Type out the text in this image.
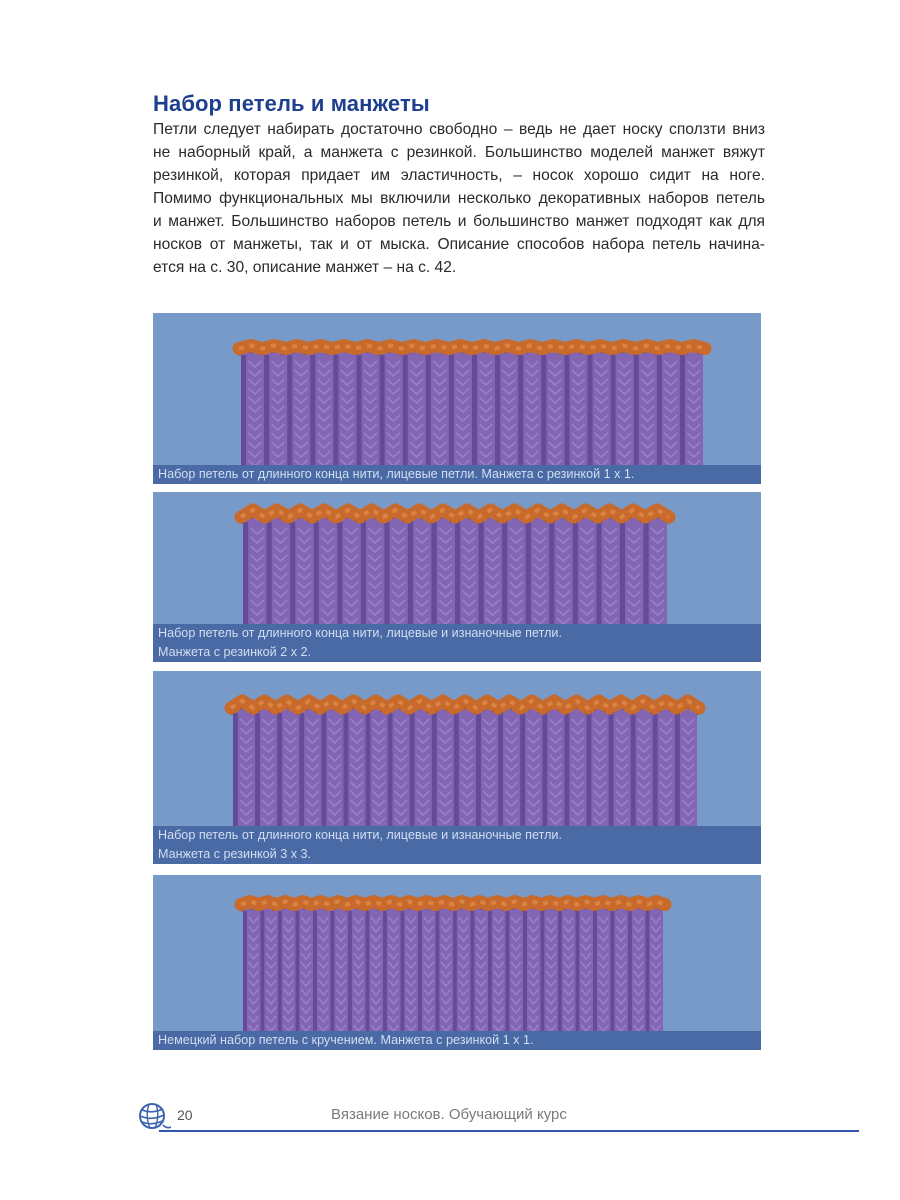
Набор петель и манжеты

Петли следует набирать достаточно свободно – ведь не дает носку сползти вниз
не наборный край, а манжета с резинкой. Большинство моделей манжет вяжут
резинкой, которая придает им эластичность, – носок хорошо сидит на ноге.
Помимо функциональных мы включили несколько декоративных наборов петель
и манжет. Большинство наборов петель и большинство манжет подходят как для
носков от манжеты, так и от мыска. Описание способов набора петель начина-
ется на с. 30, описание манжет – на с. 42.

Набор петель от длинного конца нити, лицевые петли. Манжета с резинкой 1 х 1.
Набор петель от длинного конца нити, лицевые и изнаночные петли.
Манжета с резинкой 2 х 2.
Набор петель от длинного конца нити, лицевые и изнаночные петли.
Манжета с резинкой 3 х 3.
Немецкий набор петель с кручением. Манжета с резинкой 1 х 1.
20	Вязание носков. Обучающий курс
